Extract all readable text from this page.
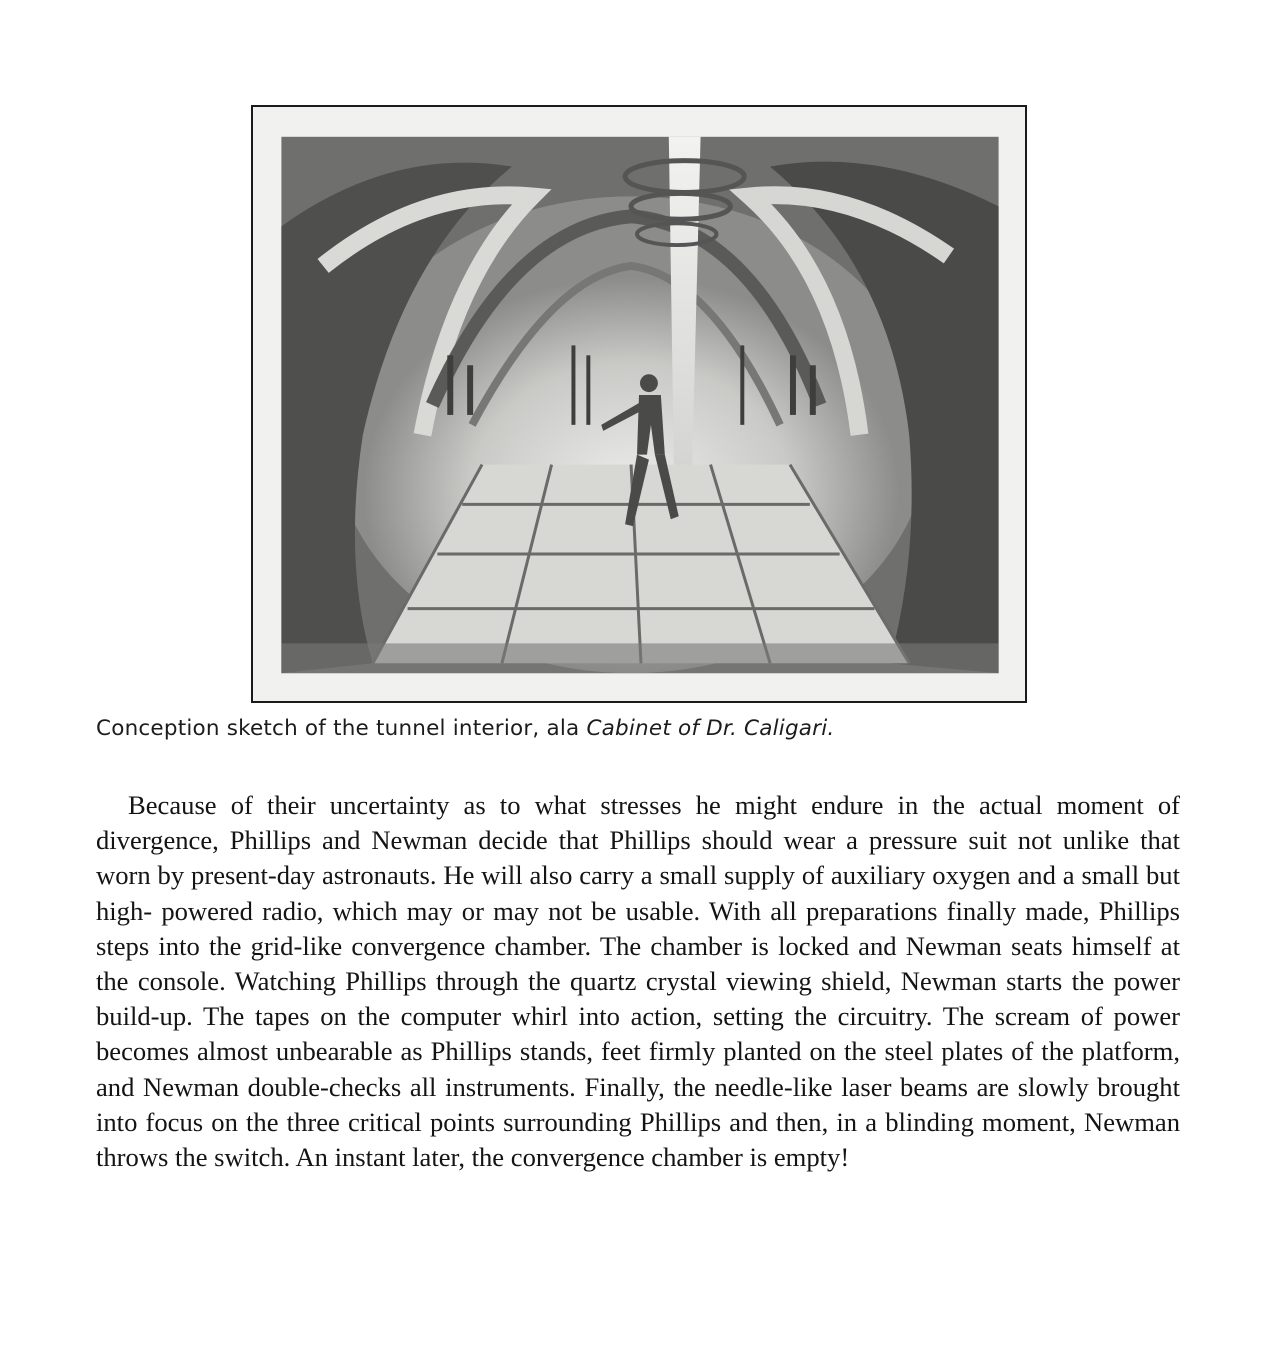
Conception sketch of the tunnel interior, ala Cabinet of Dr. Caligari.

Because of their uncertainty as to what stresses he might endure in the actual moment of divergence, Phillips and Newman decide that Phillips should wear a pressure suit not unlike that worn by present-day astronauts. He will also carry a small supply of auxiliary oxygen and a small but high- powered radio, which may or may not be usable. With all preparations finally made, Phillips steps into the grid-like convergence chamber. The chamber is locked and Newman seats himself at the console. Watching Phillips through the quartz crystal viewing shield, Newman starts the power build-up. The tapes on the computer whirl into action, setting the circuitry. The scream of power becomes almost unbearable as Phillips stands, feet firmly planted on the steel plates of the platform, and Newman double-checks all instruments. Finally, the needle-like laser beams are slowly brought into focus on the three critical points surrounding Phillips and then, in a blinding moment, Newman throws the switch. An instant later, the convergence chamber is empty!
